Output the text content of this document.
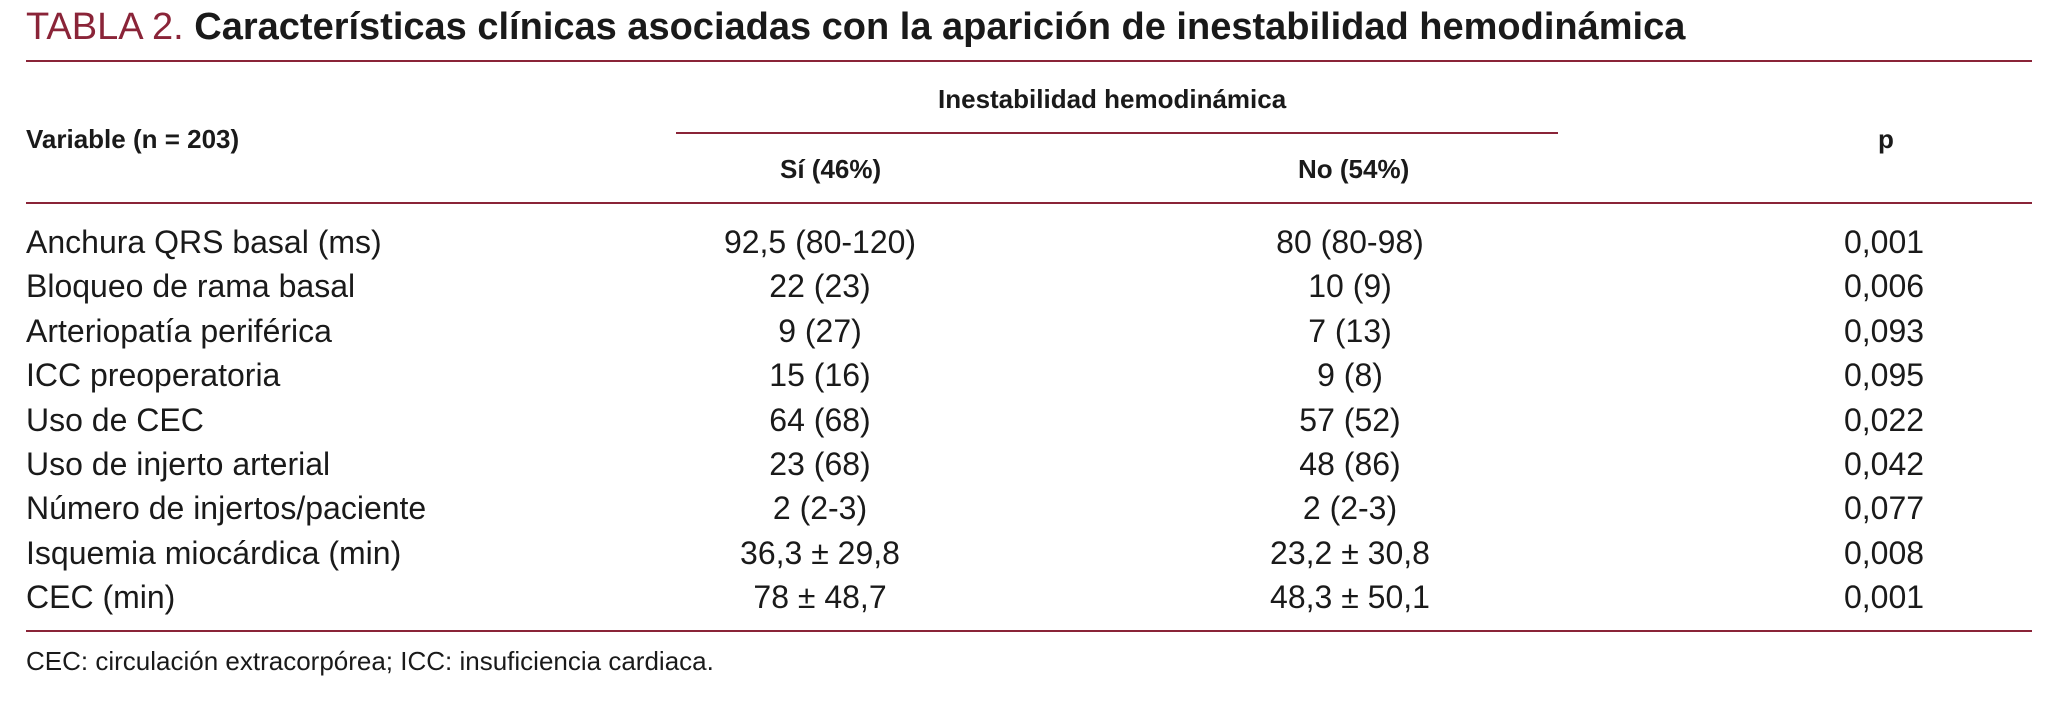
TABLA 2. Características clínicas asociadas con la aparición de inestabilidad hemodinámica
Variable (n = 203)
Inestabilidad hemodinámica
Sí (46%)	No (54%)
p
Anchura QRS basal (ms)	92,5 (80-120)	80 (80-98)	0,001
Bloqueo de rama basal	22 (23)	10 (9)	0,006
Arteriopatía periférica	9 (27)	7 (13)	0,093
ICC preoperatoria	15 (16)	9 (8)	0,095
Uso de CEC	64 (68)	57 (52)	0,022
Uso de injerto arterial	23 (68)	48 (86)	0,042
Número de injertos/paciente	2 (2-3)	2 (2-3)	0,077
Isquemia miocárdica (min)	36,3 ± 29,8	23,2 ± 30,8	0,008
CEC (min)	78 ± 48,7	48,3 ± 50,1	0,001
CEC: circulación extracorpórea; ICC: insuficiencia cardiaca.
